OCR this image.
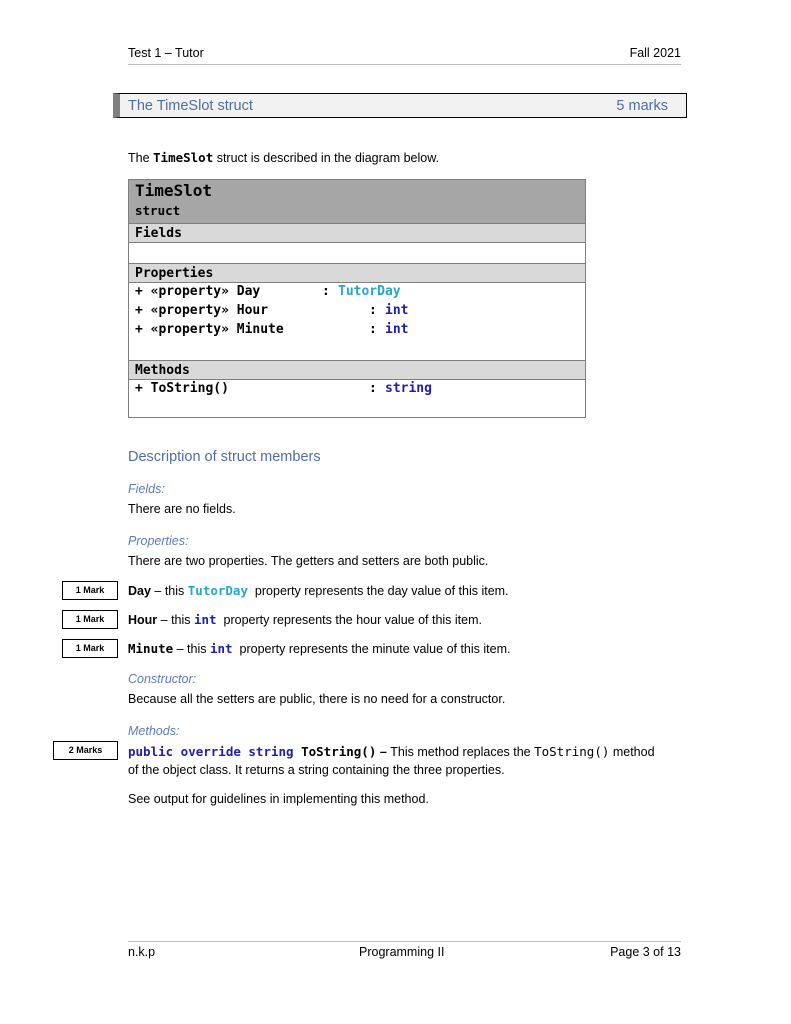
Test 1 – Tutor	Fall 2021
The TimeSlot struct	5 marks
The TimeSlot struct is described in the diagram below.
TimeSlot
struct
Fields
Properties
+ «property» Day	: TutorDay
+ «property» Hour	: int
+ «property» Minute	: int
Methods
+ ToString()	: string
Description of struct members
Fields:
There are no fields.
Properties:
There are two properties. The getters and setters are both public.
1 Mark	Day – this TutorDay  property represents the day value of this item.
1 Mark	Hour – this int  property represents the hour value of this item.
1 Mark	Minute – this int  property represents the minute value of this item.
Constructor:
Because all the setters are public, there is no need for a constructor.
Methods:
2 Marks	public override string ToString() – This method replaces the ToString() method
of the object class. It returns a string containing the three properties.
See output for guidelines in implementing this method.
n.k.p	Programming II	Page 3 of 13
